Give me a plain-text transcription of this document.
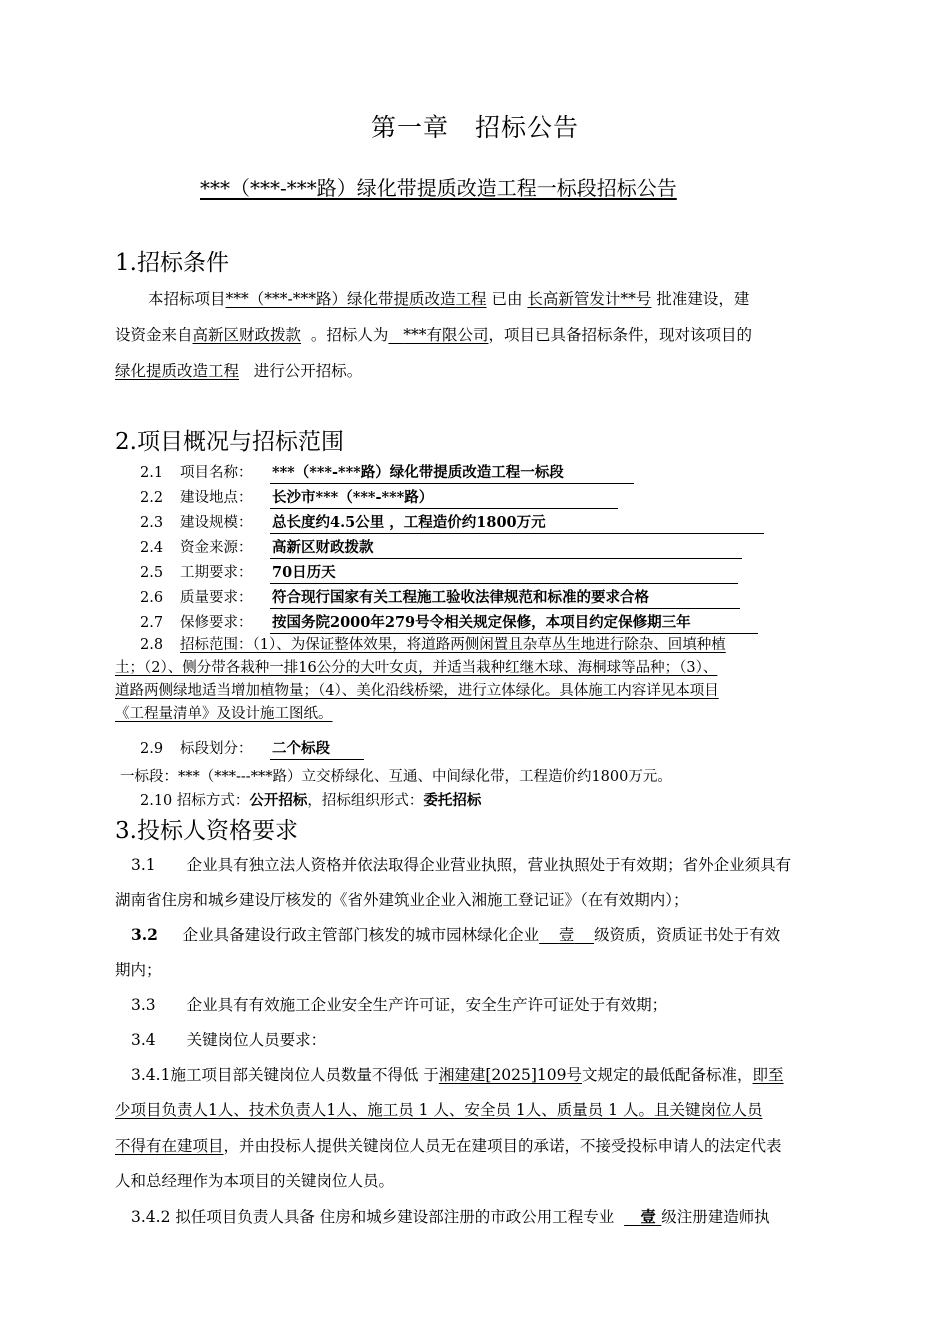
第一章　招标公告
***（***-***路）绿化带提质改造工程一标段招标公告
1.招标条件
本招标项目***（***-***路）绿化带提质改造工程 已由 长高新管发计**号 批准建设，建
设资金来自高新区财政拨款 。招标人为 ***有限公司，项目已具备招标条件，现对该项目的
绿化提质改造工程 进行公开招标。
2.项目概况与招标范围
2.1 项目名称： ***（***-***路）绿化带提质改造工程一标段
2.2 建设地点： 长沙市***（***-***路）
2.3 建设规模： 总长度约4.5公里 ，工程造价约1800万元
2.4 资金来源： 高新区财政拨款
2.5 工期要求： 70日历天
2.6 质量要求： 符合现行国家有关工程施工验收法律规范和标准的要求合格
2.7 保修要求： 按国务院2000年279号令相关规定保修，本项目约定保修期三年
2.8 招标范围：（1）、为保证整体效果，将道路两侧闲置且杂草丛生地进行除杂、回填种植
土；（2）、侧分带各栽种一排16公分的大叶女贞，并适当栽种红继木球、海桐球等品种；（3）、
道路两侧绿地适当增加植物量；（4）、美化沿线桥梁，进行立体绿化。具体施工内容详见本项目
《工程量清单》及设计施工图纸。
2.9 标段划分： 二个标段
一标段：***（***---***路）立交桥绿化、互通、中间绿化带，工程造价约1800万元。
2.10 招标方式：公开招标，招标组织形式：委托招标
3.投标人资格要求
3.1　　企业具有独立法人资格并依法取得企业营业执照，营业执照处于有效期；省外企业须具有
湖南省住房和城乡建设厅核发的《省外建筑业企业入湘施工登记证》（在有效期内）；
3.2 企业具备建设行政主管部门核发的城市园林绿化企业 壹 级资质，资质证书处于有效
期内；
3.3　　企业具有有效施工企业安全生产许可证，安全生产许可证处于有效期；
3.4　　关键岗位人员要求：
3.4.1施工项目部关键岗位人员数量不得低 于湘建建[2025]109号文规定的最低配备标准，即至
少项目负责人1人、技术负责人1人、施工员 1 人、安全员 1人、质量员 1 人。且关键岗位人员
不得有在建项目，并由投标人提供关键岗位人员无在建项目的承诺，不接受投标申请人的法定代表
人和总经理作为本项目的关键岗位人员。
3.4.2 拟任项目负责人具备 住房和城乡建设部注册的市政公用工程专业 壹 级注册建造师执
